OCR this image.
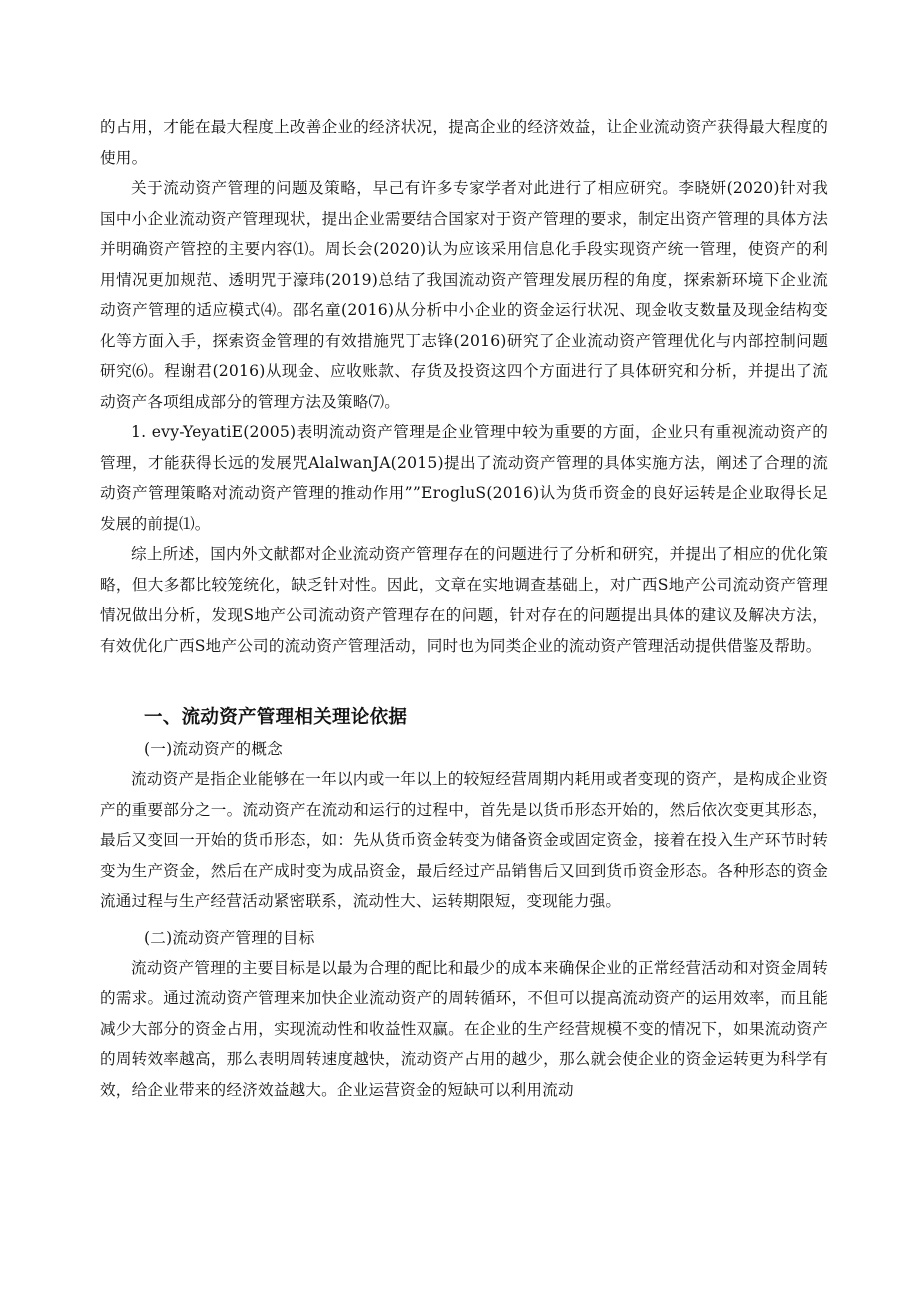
的占用，才能在最大程度上改善企业的经济状况，提高企业的经济效益，让企业流动资产获得最大程度的使用。

关于流动资产管理的问题及策略，早己有许多专家学者对此进行了相应研究。李晓妍(2020)针对我国中小企业流动资产管理现状，提出企业需要结合国家对于资产管理的要求，制定出资产管理的具体方法并明确资产管控的主要内容⑴。周长会(2020)认为应该采用信息化手段实现资产统一管理，使资产的利用情况更加规范、透明咒于濠玮(2019)总结了我国流动资产管理发展历程的角度，探索新环境下企业流动资产管理的适应模式⑷。邵名童(2016)从分析中小企业的资金运行状况、现金收支数量及现金结构变化等方面入手，探索资金管理的有效措施咒丁志锋(2016)研究了企业流动资产管理优化与内部控制问题研究⑹。程谢君(2016)从现金、应收账款、存货及投资这四个方面进行了具体研究和分析，并提出了流动资产各项组成部分的管理方法及策略⑺。

1. evy-YeyatiE(2005)表明流动资产管理是企业管理中较为重要的方面，企业只有重视流动资产的管理，才能获得长远的发展咒AlalwanJA(2015)提出了流动资产管理的具体实施方法，阐述了合理的流动资产管理策略对流动资产管理的推动作用””ErogluS(2016)认为货币资金的良好运转是企业取得长足发展的前提⑴。

综上所述，国内外文献都对企业流动资产管理存在的问题进行了分析和研究，并提出了相应的优化策略，但大多都比较笼统化，缺乏针对性。因此，文章在实地调查基础上，对广西S地产公司流动资产管理情况做出分析，发现S地产公司流动资产管理存在的问题，针对存在的问题提出具体的建议及解决方法，有效优化广西S地产公司的流动资产管理活动，同时也为同类企业的流动资产管理活动提供借鉴及帮助。

一、流动资产管理相关理论依据
(一)流动资产的概念

流动资产是指企业能够在一年以内或一年以上的较短经营周期内耗用或者变现的资产，是构成企业资产的重要部分之一。流动资产在流动和运行的过程中，首先是以货币形态开始的，然后依次变更其形态，最后又变回一开始的货币形态，如：先从货币资金转变为储备资金或固定资金，接着在投入生产环节时转变为生产资金，然后在产成时变为成品资金，最后经过产品销售后又回到货币资金形态。各种形态的资金流通过程与生产经营活动紧密联系，流动性大、运转期限短，变现能力强。

(二)流动资产管理的目标

流动资产管理的主要目标是以最为合理的配比和最少的成本来确保企业的正常经营活动和对资金周转的需求。通过流动资产管理来加快企业流动资产的周转循环，不但可以提高流动资产的运用效率，而且能减少大部分的资金占用，实现流动性和收益性双赢。在企业的生产经营规模不变的情况下，如果流动资产的周转效率越高，那么表明周转速度越快，流动资产占用的越少，那么就会使企业的资金运转更为科学有效，给企业带来的经济效益越大。企业运营资金的短缺可以利用流动
